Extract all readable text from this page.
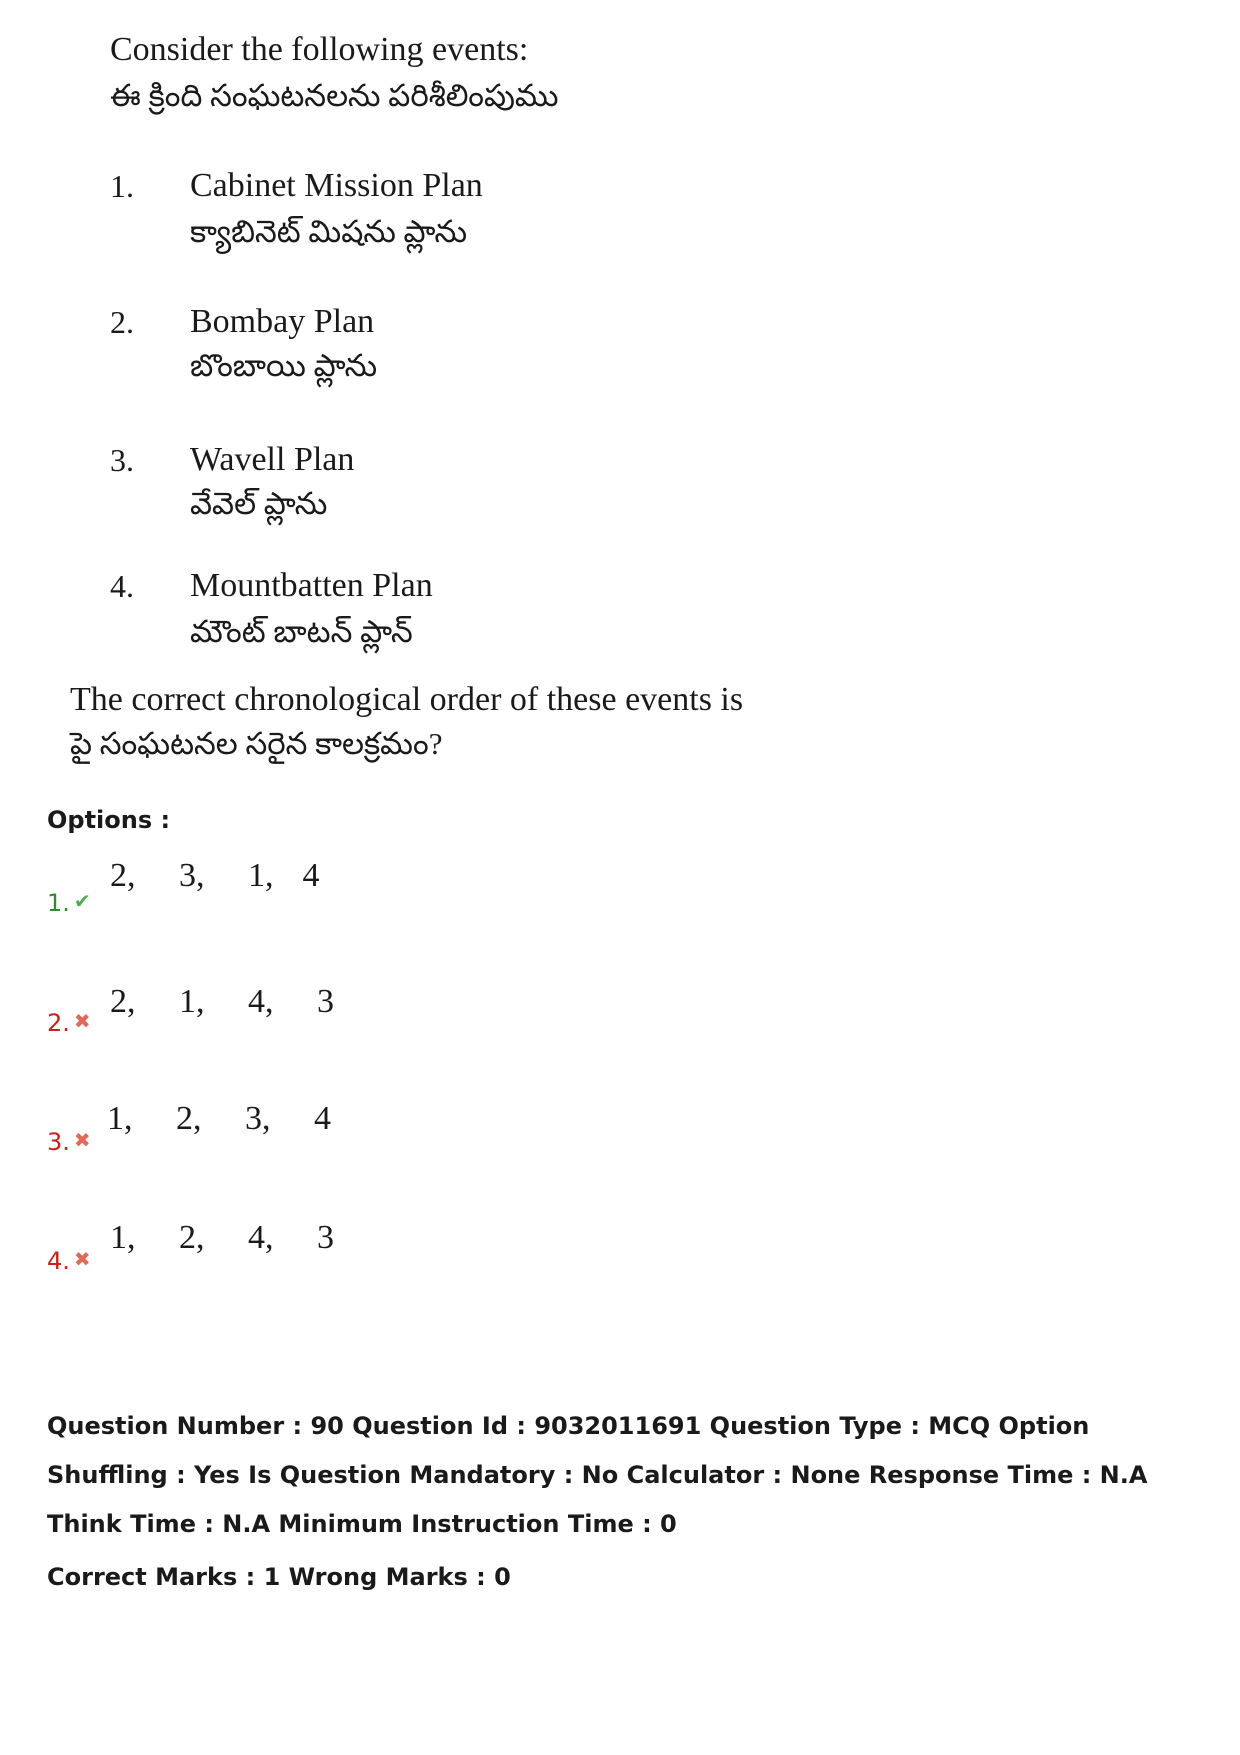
Consider the following events:
ఈ క్రింది సంఘటనలను పరిశీలింపుము
1. Cabinet Mission Plan
క్యాబినెట్ మిషను ప్లాను
2. Bombay Plan
బొంబాయి ప్లాను
3. Wavell Plan
వేవెల్ ప్లాను
4. Mountbatten Plan
మౌంట్ బాటన్ ప్లాన్
The correct chronological order of these events is
పై సంఘటనల సరైన కాలక్రమం?
Options :
1. ✔
2,   3,   1,  4
2. ✖
2,   1,   4,   3
3. ✖
1,   2,   3,   4
4. ✖
1,   2,   4,   3
Question Number : 90 Question Id : 9032011691 Question Type : MCQ Option Shuffling : Yes Is Question Mandatory : No Calculator : None Response Time : N.A Think Time : N.A Minimum Instruction Time : 0
Correct Marks : 1 Wrong Marks : 0
